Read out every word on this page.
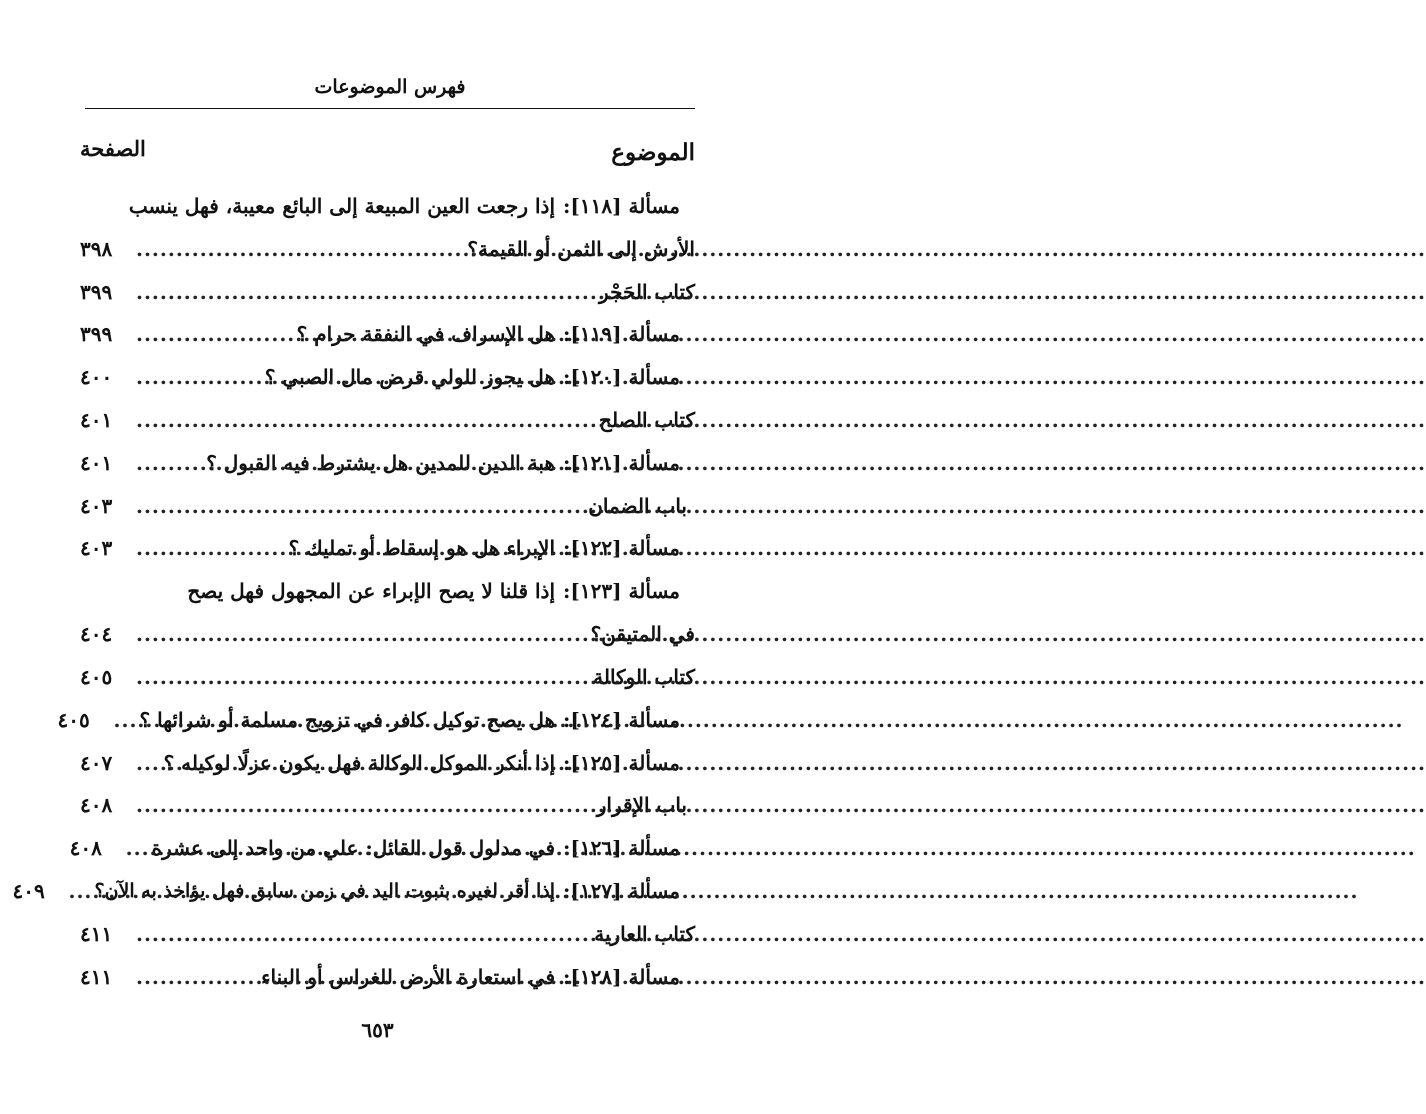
فهرس الموضوعات
الموضوع
الصفحة
مسألة [١١٨]:
إذا رجعت العين المبيعة إلى البائع معيبة، فهل ينسب
الأرش إلى الثمن أو القيمة؟
.....
٣٩٨
كتاب الحَجْر
.....
٣٩٩
مسألة [١١٩]:
هل الإسراف في النفقة حرام ؟
.....
٣٩٩
مسألة [١٢٠]:
هل يجوز للولي قرض مال الصبي ؟
.....
٤٠٠
كتاب الصلح
.....
٤٠١
مسألة [١٢١]:
هبة الدين للمدين هل يشترط فيه القبول ؟
.....
٤٠١
باب الضمان
.....
٤٠٣
مسألة [١٢٢]:
الإبراء هل هو إسقاط أو تمليك ؟
.....
٤٠٣
مسألة [١٢٣]:
إذا قلنا لا يصح الإبراء عن المجهول فهل يصح
في المتيقن؟
.....
٤٠٤
كتاب الوكالة
.....
٤٠٥
مسألة [١٢٤]:
هل يصح توكيل كافر في تزويج مسلمة أو شرائها ؟
.....
٤٠٥
مسألة [١٢٥]:
إذا أنكر الموكل الوكالة فهل يكون عزلًا لوكيله ؟
.....
٤٠٧
باب الإقرار
.....
٤٠٨
مسألة [١٢٦]:
في مدلول قول القائل: علي من واحد إلى عشرة
.....
٤٠٨
مسألة [١٢٧]:
إذا أقر لغيره بثبوت اليد في زمن سابق فهل يؤاخذ به الآن؟
.....
٤٠٩
كتاب العارية
.....
٤١١
مسألة [١٢٨]:
في استعارة الأرض للغراس أو البناء
.....
٤١١
٦٥٣
